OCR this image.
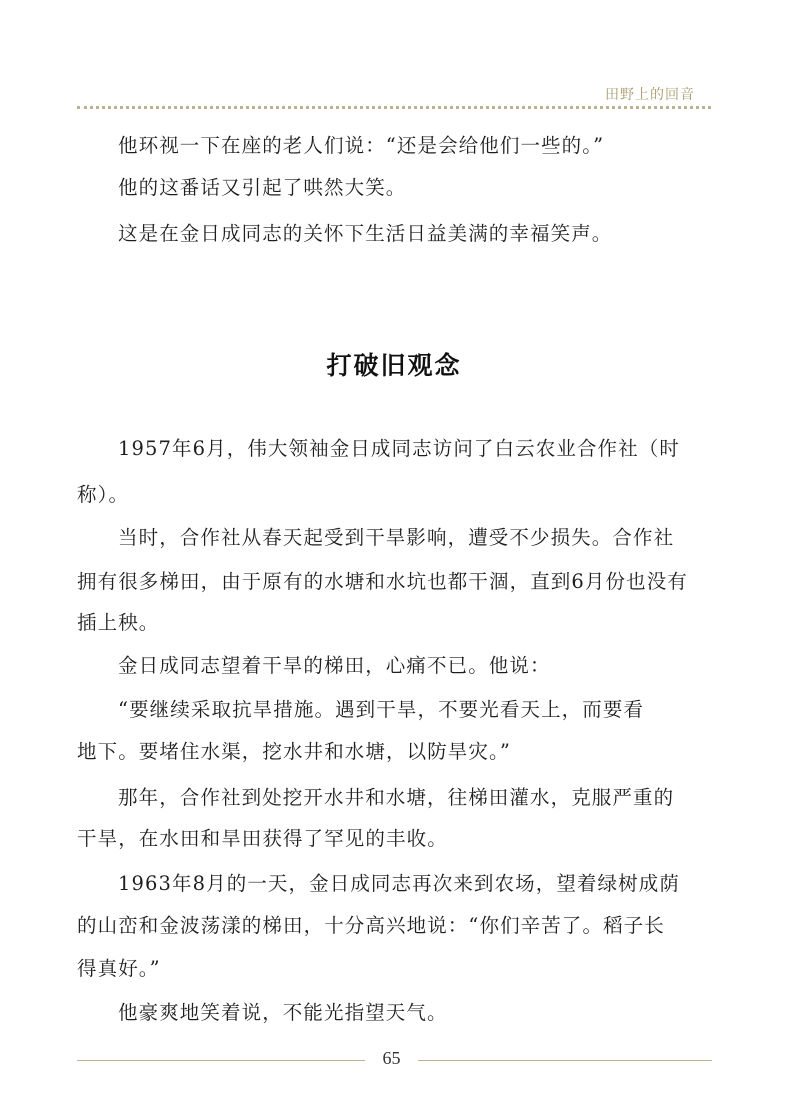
田野上的回音
他环视一下在座的老人们说：“还是会给他们一些的。”
他的这番话又引起了哄然大笑。
这是在金日成同志的关怀下生活日益美满的幸福笑声。
打破旧观念
1957年6月，伟大领袖金日成同志访问了白云农业合作社（时
称）。
当时，合作社从春天起受到干旱影响，遭受不少损失。合作社
拥有很多梯田，由于原有的水塘和水坑也都干涸，直到6月份也没有
插上秧。
金日成同志望着干旱的梯田，心痛不已。他说：
“要继续采取抗旱措施。遇到干旱，不要光看天上，而要看
地下。要堵住水渠，挖水井和水塘，以防旱灾。”
那年，合作社到处挖开水井和水塘，往梯田灌水，克服严重的
干旱，在水田和旱田获得了罕见的丰收。
1963年8月的一天，金日成同志再次来到农场，望着绿树成荫
的山峦和金波荡漾的梯田，十分高兴地说：“你们辛苦了。稻子长
得真好。”
他豪爽地笑着说，不能光指望天气。
65
